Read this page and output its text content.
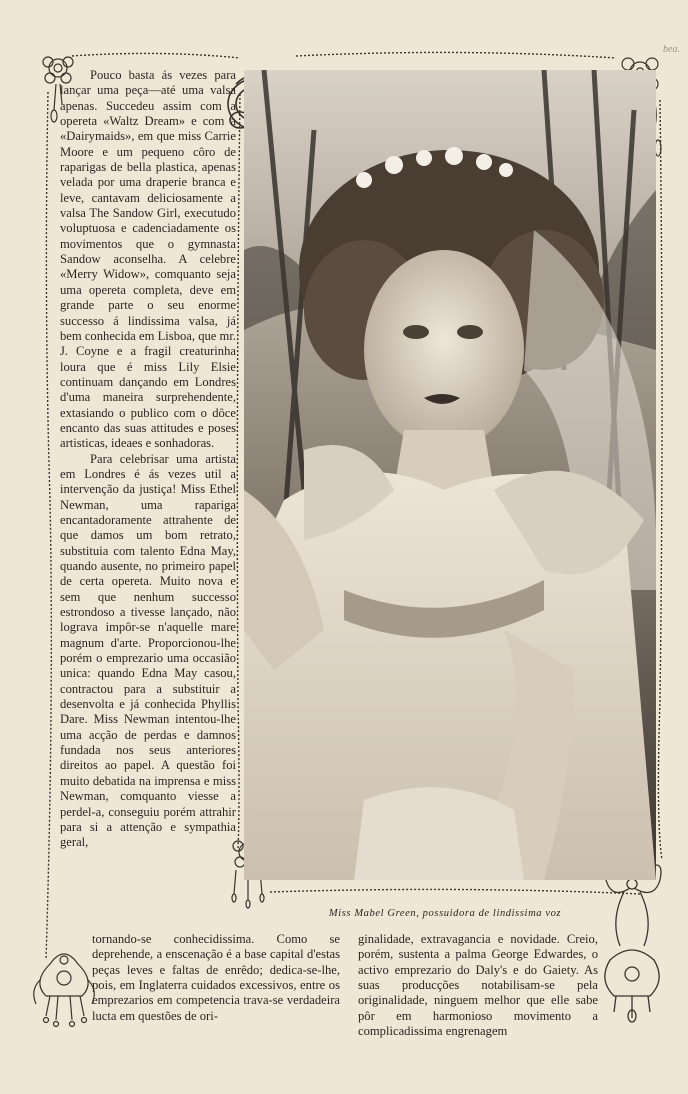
Pouco basta ás vezes para lançar uma peça—até uma valsa apenas. Succedeu assim com a opereta «Waltz Dream» e com a «Dairymaids», em que miss Carrie Moore e um pequeno côro de raparigas de bella plastica, apenas velada por uma draperie branca e leve, cantavam deliciosamente a valsa The Sandow Girl, executudo voluptuosa e cadenciadamente os movimentos que o gymnasta Sandow aconselha. A celebre «Merry Widow», comquanto seja uma opereta completa, deve em grande parte o seu enorme successo á lindissima valsa, já bem conhecida em Lisboa, que mr. J. Coyne e a fragil creaturinha loura que é miss Lily Elsie continuam dançando em Londres d'uma maneira surprehendente, extasiando o publico com o dôce encanto das suas attitudes e poses artisticas, ideaes e sonhadoras.

Para celebrisar uma artista em Londres é ás vezes util a intervenção da justiça! Miss Ethel Newman, uma rapariga encantadoramente attrahente de que damos um bom retrato, substituia com talento Edna May, quando ausente, no primeiro papel de certa opereta. Muito nova e sem que nenhum successo estrondoso a tivesse lançado, não lograva impôr-se n'aquelle mare magnum d'arte. Proporcionou-lhe porém o emprezario uma occasião unica: quando Edna May casou, contractou para a substituir a desenvolta e já conhecida Phyllis Dare. Miss Newman intentou-lhe uma acção de perdas e damnos fundada nos seus anteriores direitos ao papel. A questão foi muito debatida na imprensa e miss Newman, comquanto viesse a perdel-a, conseguiu porém attrahir para si a attenção e sympathia geral,

bea.
Miss Mabel Green, possuidora de lindissima voz

tornando-se conhecidissima. Como se deprehende, a enscenação é a base capital d'estas peças leves e faltas de enrêdo; dedica-se-lhe, pois, em Inglaterra cuidados excessivos, entre os emprezarios em competencia trava-se verdadeira lucta em questões de ori-

ginalidade, extravagancia e novidade. Creio, porém, sustenta a palma George Edwardes, o activo emprezario do Daly's e do Gaiety. As suas producções notabilisam-se pela originalidade, ninguem melhor que elle sabe pôr em harmonioso movimento a complicadissima engrenagem
